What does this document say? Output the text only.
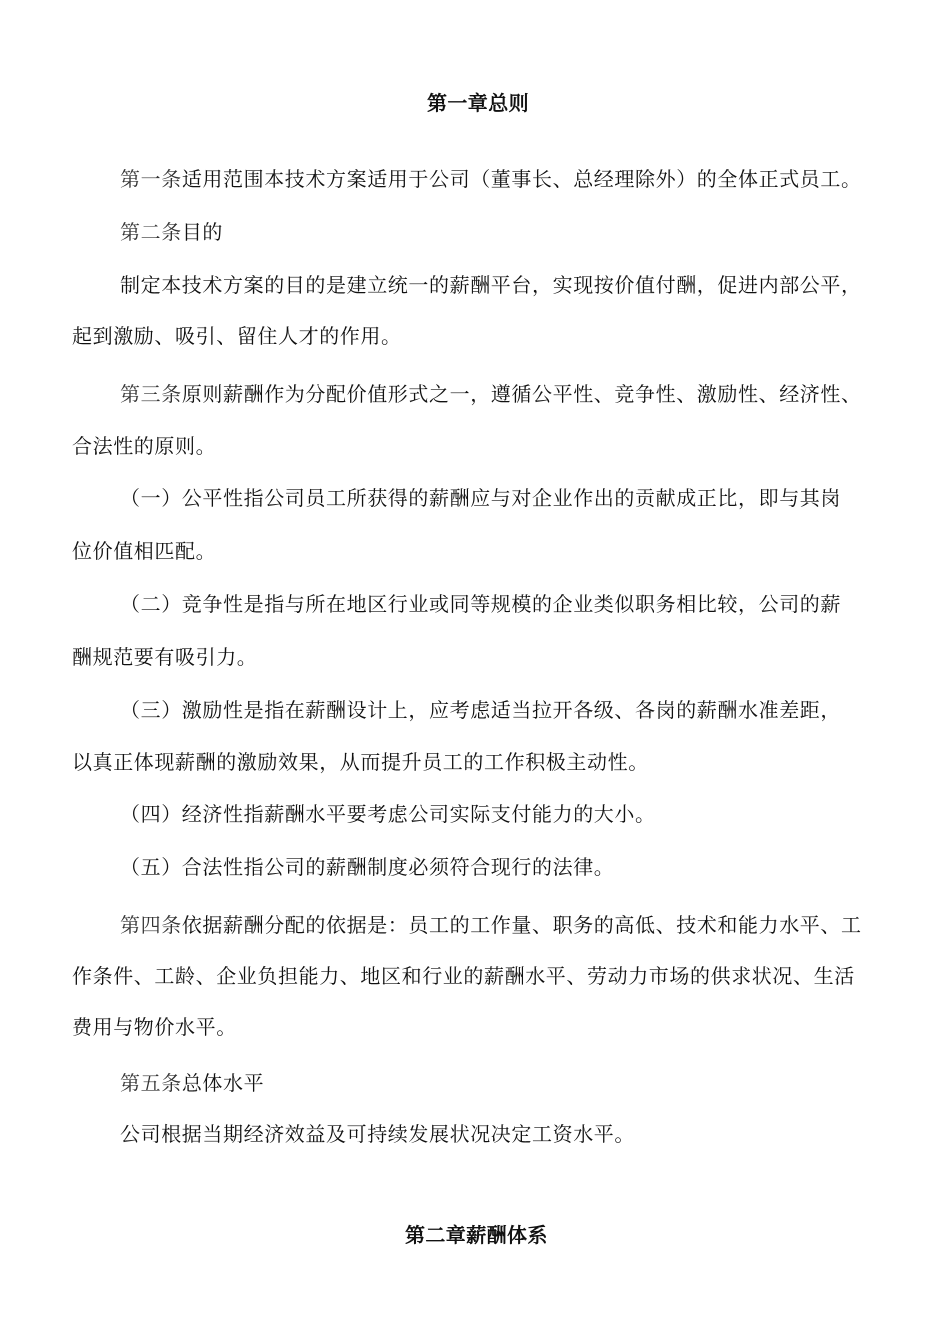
第一章总则
第一条适用范围本技术方案适用于公司（董事长、总经理除外）的全体正式员工。
第二条目的
制定本技术方案的目的是建立统一的薪酬平台，实现按价值付酬，促进内部公平，
起到激励、吸引、留住人才的作用。
第三条原则薪酬作为分配价值形式之一，遵循公平性、竞争性、激励性、经济性、
合法性的原则。
（一）公平性指公司员工所获得的薪酬应与对企业作出的贡献成正比，即与其岗
位价值相匹配。
（二）竞争性是指与所在地区行业或同等规模的企业类似职务相比较，公司的薪
酬规范要有吸引力。
（三）激励性是指在薪酬设计上，应考虑适当拉开各级、各岗的薪酬水准差距，
以真正体现薪酬的激励效果，从而提升员工的工作积极主动性。
（四）经济性指薪酬水平要考虑公司实际支付能力的大小。
（五）合法性指公司的薪酬制度必须符合现行的法律。
第四条依据薪酬分配的依据是：员工的工作量、职务的高低、技术和能力水平、工
作条件、工龄、企业负担能力、地区和行业的薪酬水平、劳动力市场的供求状况、生活
费用与物价水平。
第五条总体水平
公司根据当期经济效益及可持续发展状况决定工资水平。
第二章薪酬体系
